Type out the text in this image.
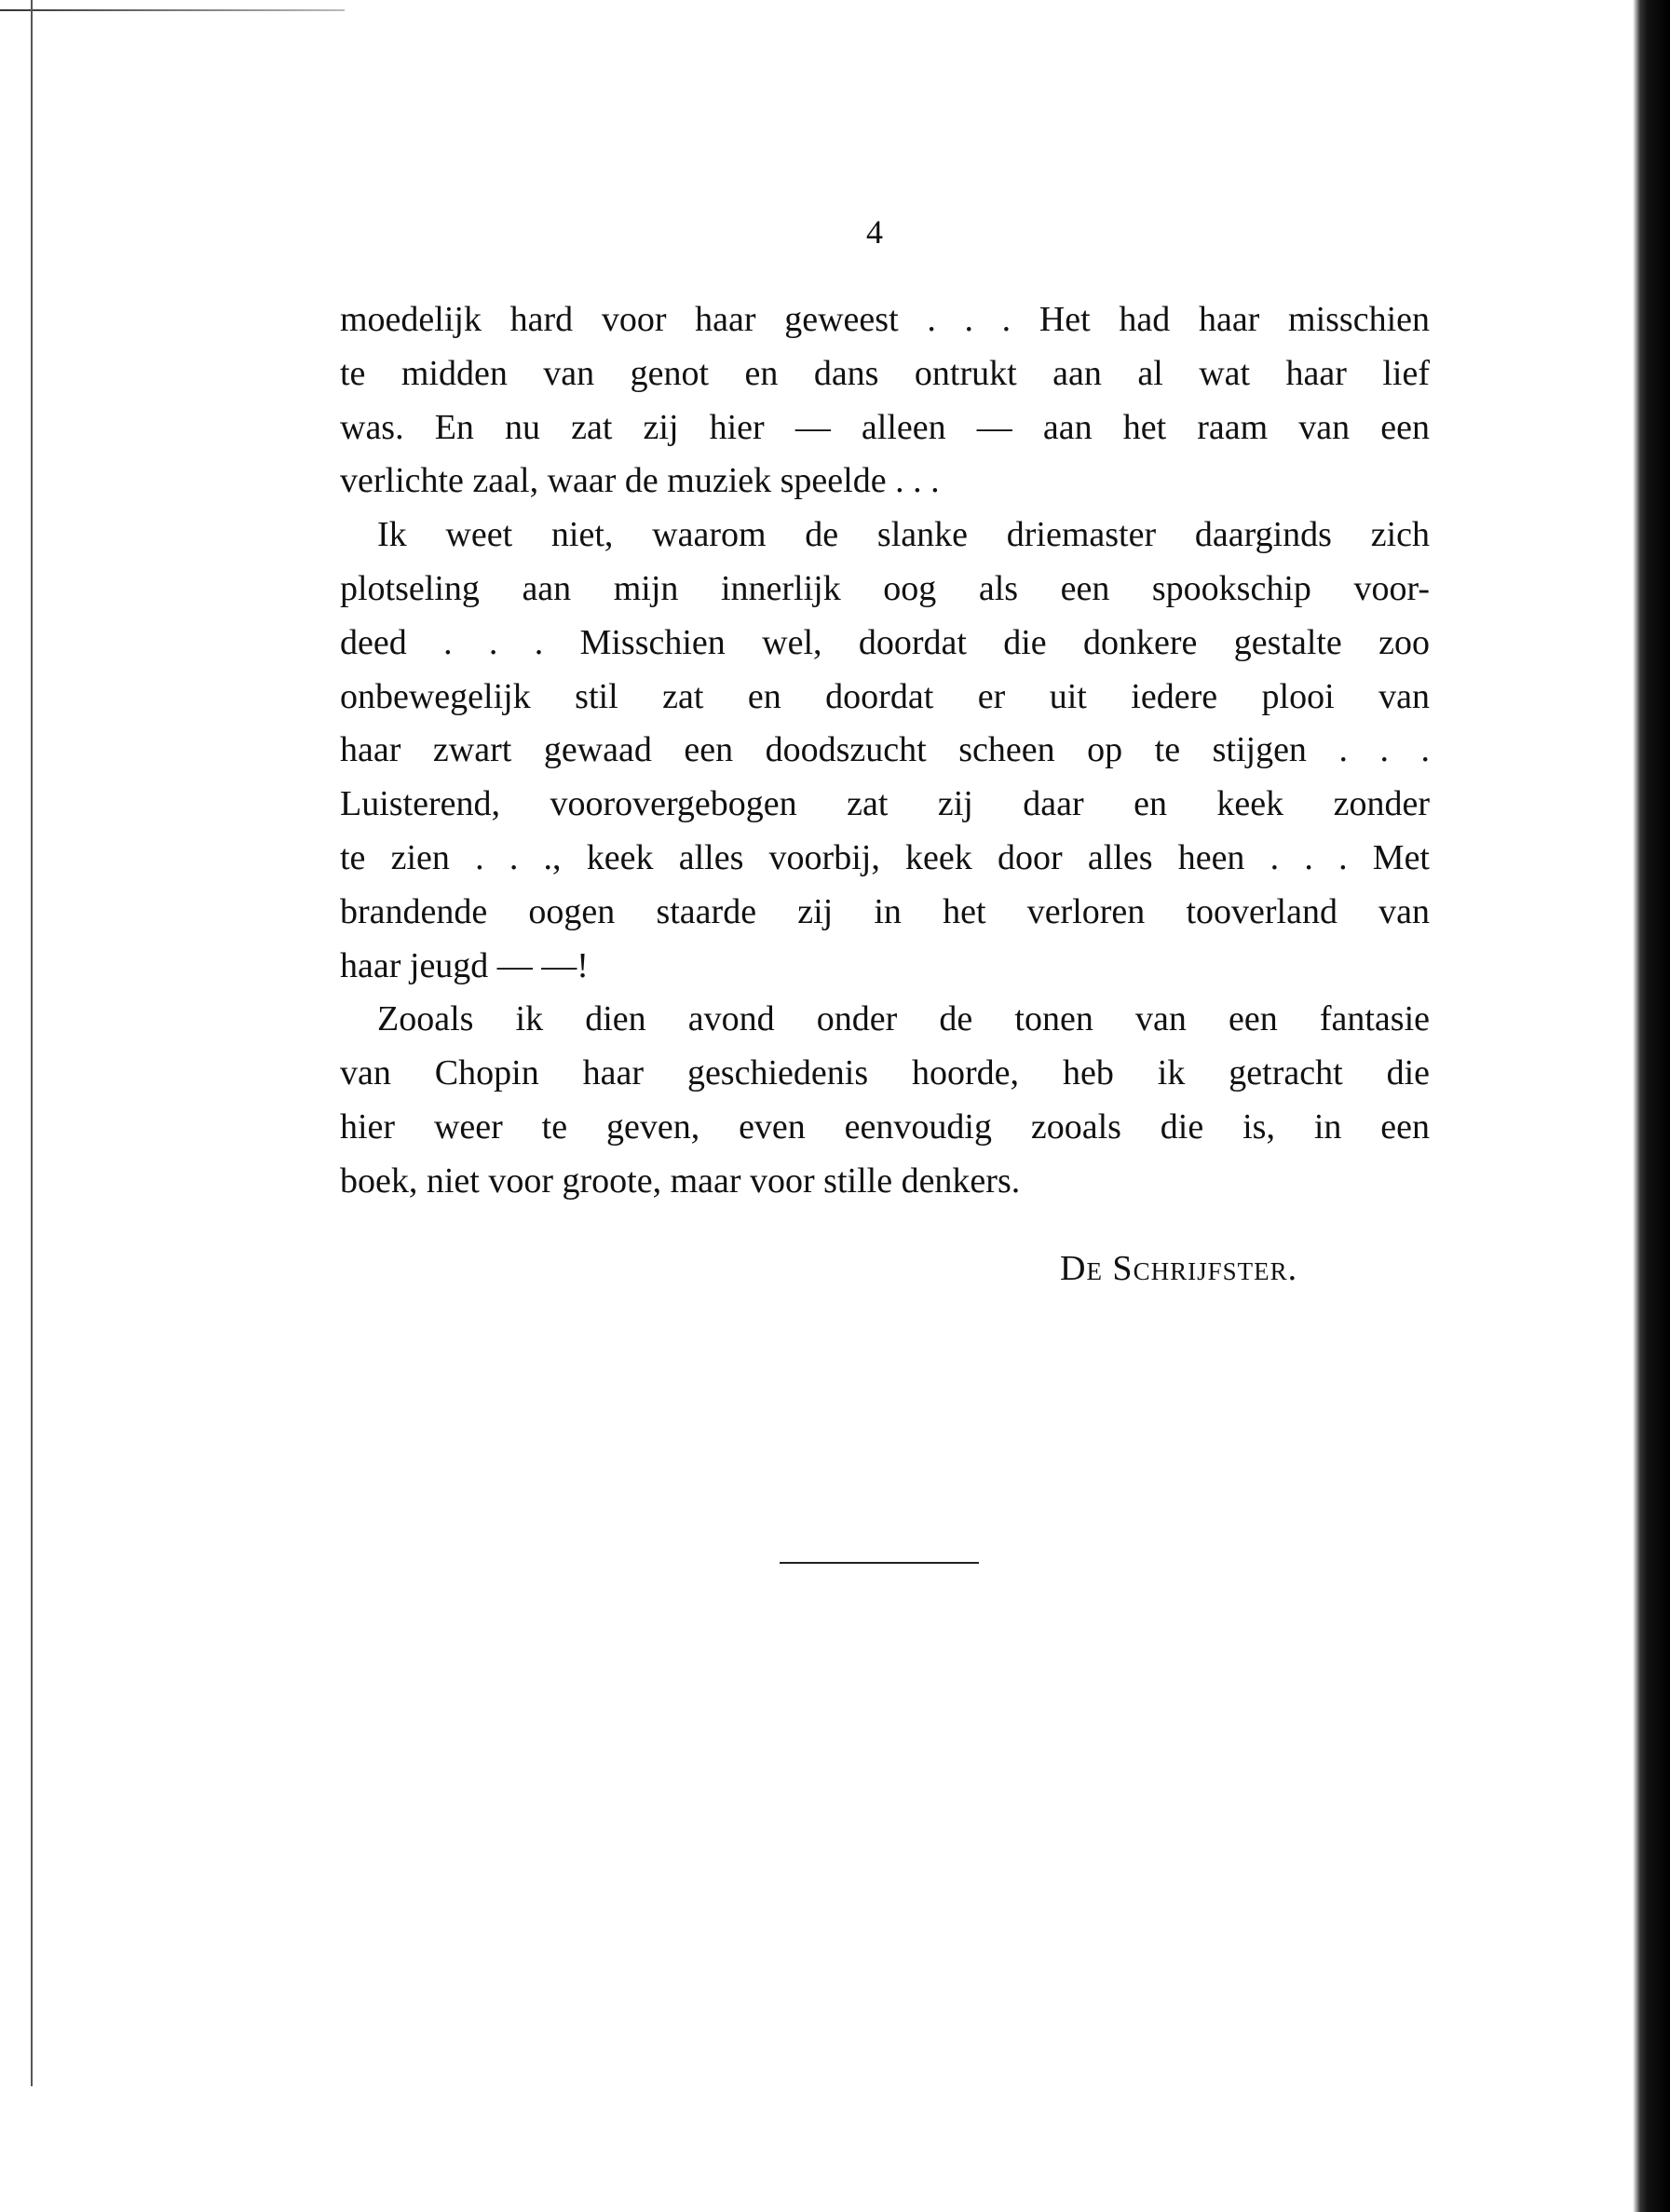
4
moedelijk hard voor haar geweest . . . Het had haar misschien
te midden van genot en dans ontrukt aan al wat haar lief
was. En nu zat zij hier — alleen — aan het raam van een
verlichte zaal, waar de muziek speelde . . .
Ik weet niet, waarom de slanke driemaster daarginds zich
plotseling aan mijn innerlijk oog als een spookschip voor-
deed . . . Misschien wel, doordat die donkere gestalte zoo
onbewegelijk stil zat en doordat er uit iedere plooi van
haar zwart gewaad een doodszucht scheen op te stijgen . . .
Luisterend, voorovergebogen zat zij daar en keek zonder
te zien . . ., keek alles voorbij, keek door alles heen . . . Met
brandende oogen staarde zij in het verloren tooverland van
haar jeugd — —!
Zooals ik dien avond onder de tonen van een fantasie
van Chopin haar geschiedenis hoorde, heb ik getracht die
hier weer te geven, even eenvoudig zooals die is, in een
boek, niet voor groote, maar voor stille denkers.
De Schrijfster.
